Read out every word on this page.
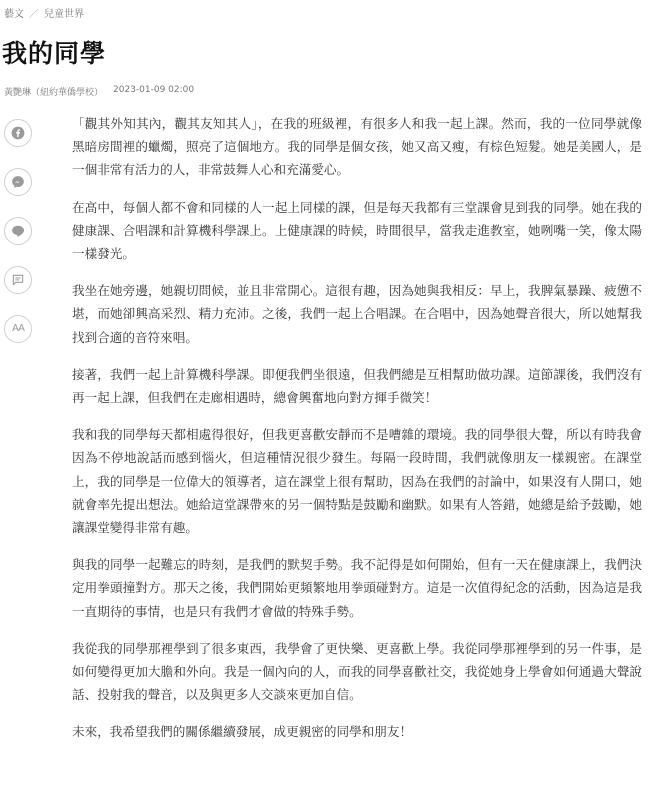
藝文 ／ 兒童世界
我的同學
黃艷琳（紐約華僑學校） 2023-01-09 02:00
AA

「觀其外知其內，觀其友知其人」，在我的班級裡，有很多人和我一起上課。然而，我的一位同學就像黑暗房間裡的蠟燭，照亮了這個地方。我的同學是個女孩，她又高又瘦，有棕色短髮。她是美國人，是一個非常有活力的人，非常鼓舞人心和充滿愛心。

在高中，每個人都不會和同樣的人一起上同樣的課，但是每天我都有三堂課會見到我的同學。她在我的健康課、合唱課和計算機科學課上。上健康課的時候，時間很早，當我走進教室，她咧嘴一笑，像太陽一樣發光。

我坐在她旁邊，她親切問候，並且非常開心。這很有趣，因為她與我相反：早上，我脾氣暴躁、疲憊不堪，而她卻興高采烈、精力充沛。之後，我們一起上合唱課。在合唱中，因為她聲音很大，所以她幫我找到合適的音符來唱。

接著，我們一起上計算機科學課。即便我們坐很遠，但我們總是互相幫助做功課。這節課後，我們沒有再一起上課，但我們在走廊相遇時，總會興奮地向對方揮手微笑！

我和我的同學每天都相處得很好，但我更喜歡安靜而不是嘈雜的環境。我的同學很大聲，所以有時我會因為不停地說話而感到惱火，但這種情況很少發生。每隔一段時間，我們就像朋友一樣親密。在課堂上，我的同學是一位偉大的領導者，這在課堂上很有幫助，因為在我們的討論中，如果沒有人開口，她就會率先提出想法。她給這堂課帶來的另一個特點是鼓勵和幽默。如果有人答錯，她總是給予鼓勵，她讓課堂變得非常有趣。

與我的同學一起難忘的時刻，是我們的默契手勢。我不記得是如何開始，但有一天在健康課上，我們決定用拳頭撞對方。那天之後，我們開始更頻繁地用拳頭碰對方。這是一次值得紀念的活動，因為這是我一直期待的事情，也是只有我們才會做的特殊手勢。

我從我的同學那裡學到了很多東西，我學會了更快樂、更喜歡上學。我從同學那裡學到的另一件事，是如何變得更加大膽和外向。我是一個內向的人，而我的同學喜歡社交，我從她身上學會如何通過大聲說話、投射我的聲音，以及與更多人交談來更加自信。

未來，我希望我們的關係繼續發展，成更親密的同學和朋友！
